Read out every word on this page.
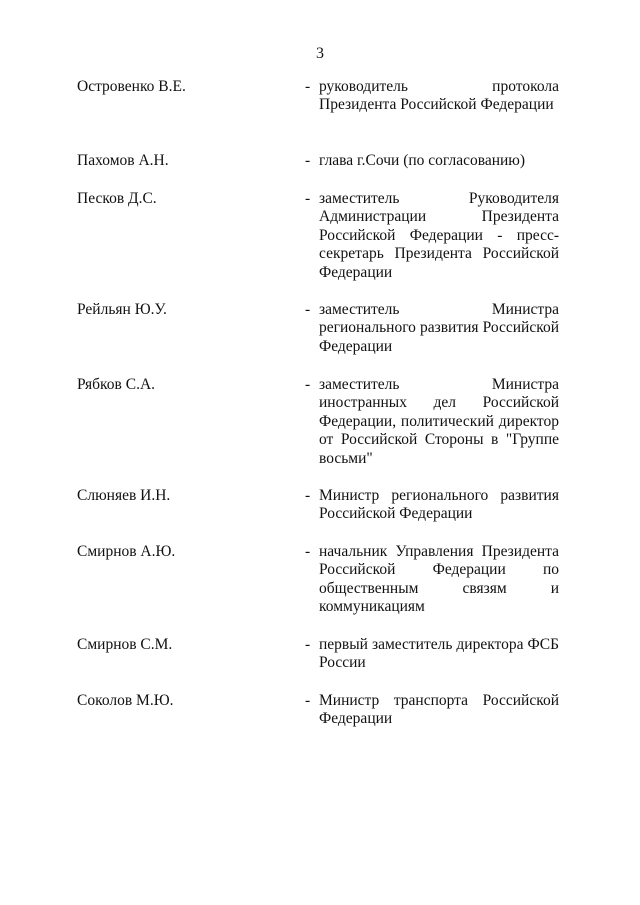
3
Островенко В.Е.	- руководитель протокола Президента Российской Федерации
Пахомов А.Н.	- глава г.Сочи (по согласованию)
Песков Д.С.	- заместитель Руководителя Администрации Президента Российской Федерации - пресс-секретарь Президента Российской Федерации
Рейльян Ю.У.	- заместитель Министра регионального развития Российской Федерации
Рябков С.А.	- заместитель Министра иностранных дел Российской Федерации, политический директор от Российской Стороны в "Группе восьми"
Слюняев И.Н.	- Министр регионального развития Российской Федерации
Смирнов А.Ю.	- начальник Управления Президента Российской Федерации по общественным связям и коммуникациям
Смирнов С.М.	- первый заместитель директора ФСБ России
Соколов М.Ю.	- Министр транспорта Российской Федерации
